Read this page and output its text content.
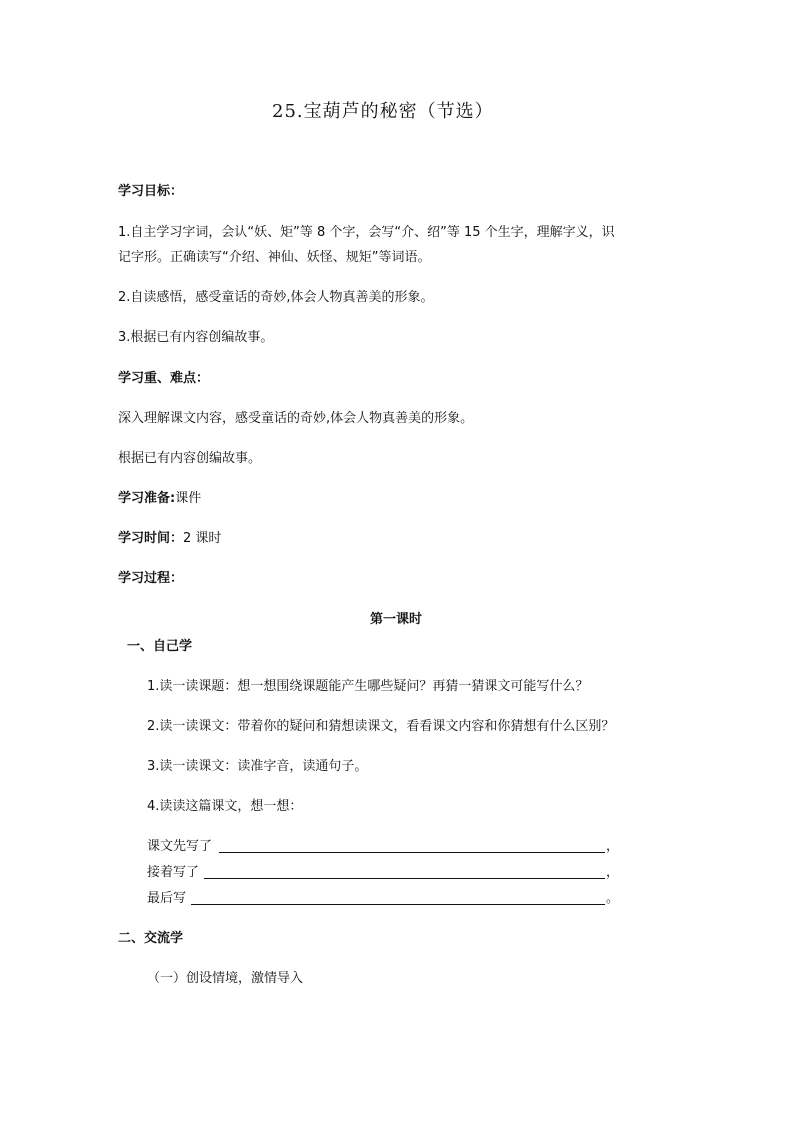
25.宝葫芦的秘密（节选）
学习目标：
1.自主学习字词，会认“妖、矩”等 8 个字，会写“介、绍”等 15 个生字，理解字义，识
记字形。正确读写“介绍、神仙、妖怪、规矩”等词语。
2.自读感悟，感受童话的奇妙,体会人物真善美的形象。
3.根据已有内容创编故事。
学习重、难点：
深入理解课文内容，感受童话的奇妙,体会人物真善美的形象。
根据已有内容创编故事。
学习准备:课件
学习时间：2 课时
学习过程：
第一课时
一、自己学
1.读一读课题：想一想围绕课题能产生哪些疑问？再猜一猜课文可能写什么？
2.读一读课文：带着你的疑问和猜想读课文，看看课文内容和你猜想有什么区别？
3.读一读课文：读准字音，读通句子。
4.读读这篇课文，想一想：
课文先写了	，
接着写了	，
最后写	。
二、交流学
（一）创设情境，激情导入
